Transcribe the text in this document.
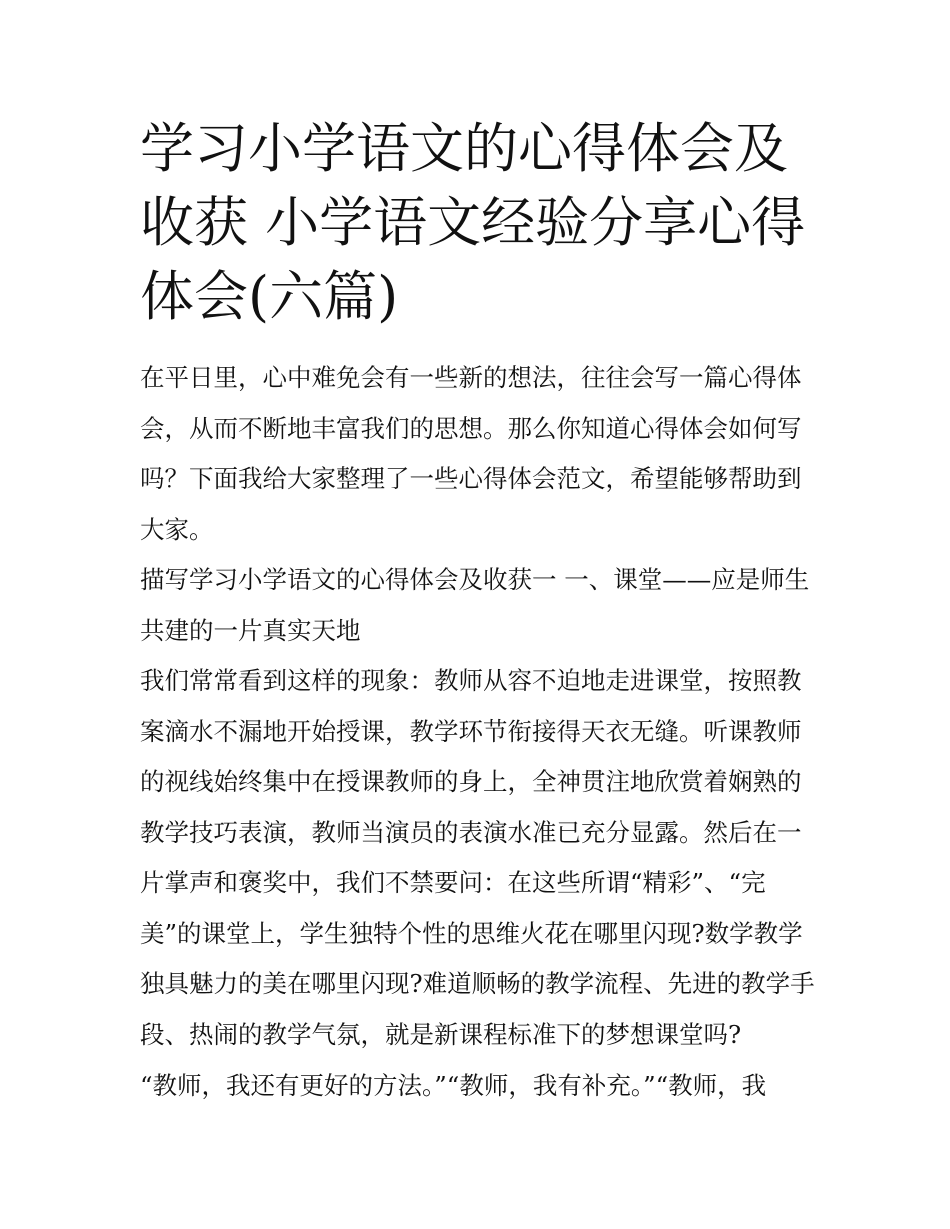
学习小学语文的心得体会及收获 小学语文经验分享心得体会(六篇)

在平日里，心中难免会有一些新的想法，往往会写一篇心得体会，从而不断地丰富我们的思想。那么你知道心得体会如何写吗？下面我给大家整理了一些心得体会范文，希望能够帮助到大家。

描写学习小学语文的心得体会及收获一 一、课堂——应是师生共建的一片真实天地

我们常常看到这样的现象：教师从容不迫地走进课堂，按照教案滴水不漏地开始授课，教学环节衔接得天衣无缝。听课教师的视线始终集中在授课教师的身上，全神贯注地欣赏着娴熟的教学技巧表演，教师当演员的表演水准已充分显露。然后在一片掌声和褒奖中，我们不禁要问：在这些所谓“精彩”、“完美”的课堂上，学生独特个性的思维火花在哪里闪现?数学教学独具魅力的美在哪里闪现?难道顺畅的教学流程、先进的教学手段、热闹的教学气氛，就是新课程标准下的梦想课堂吗?

“教师，我还有更好的方法。”“教师，我有补充。”“教师，我
